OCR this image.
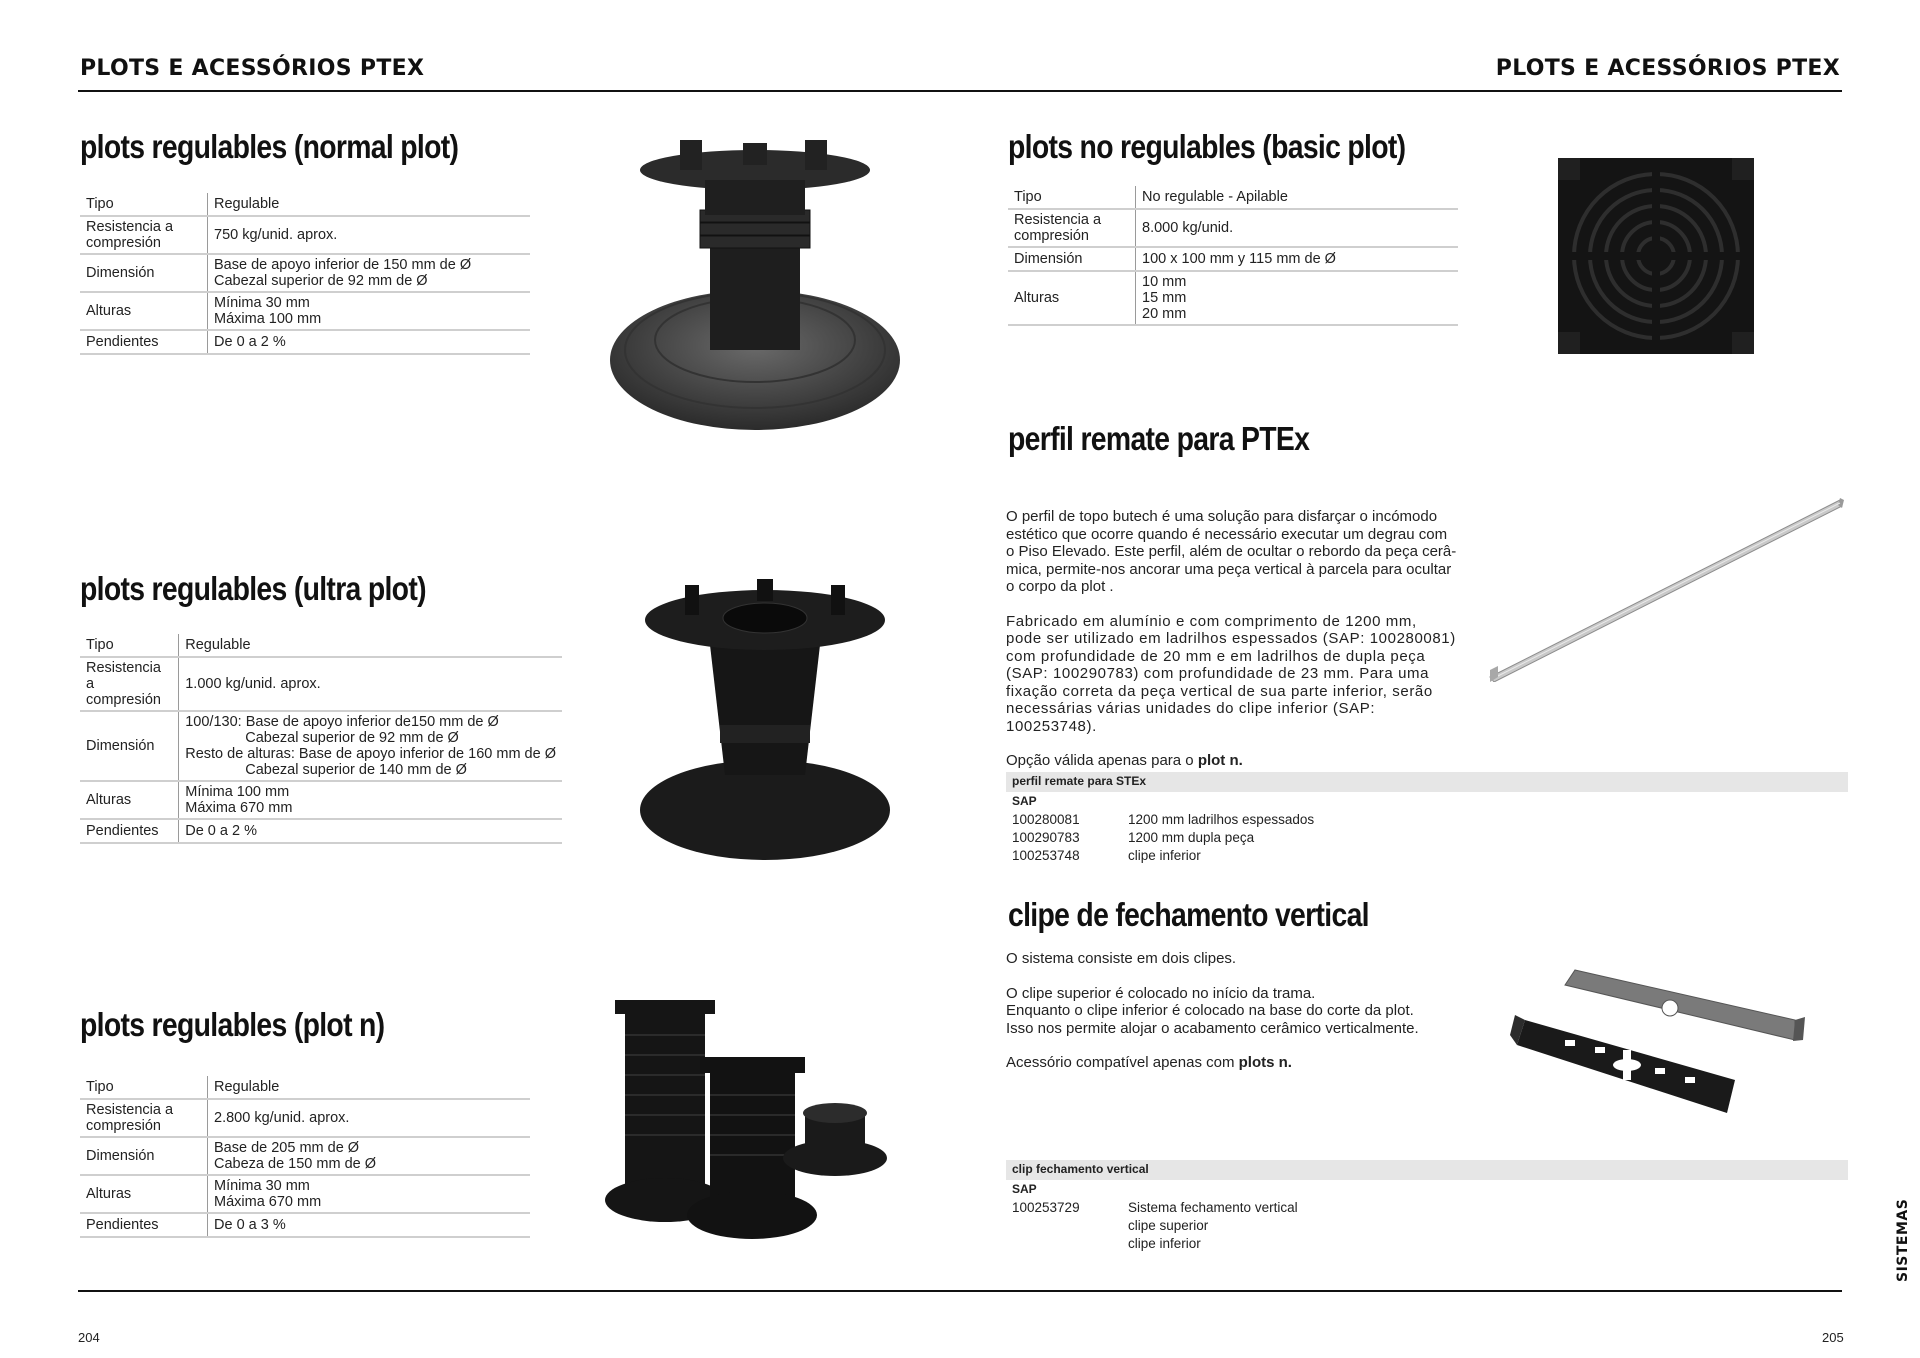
PLOTS E ACESSÓRIOS PTEX	PLOTS E ACESSÓRIOS PTEX
plots regulables (normal plot)
Tipo	Regulable

Resistencia a
compresión	750 kg/unid. aprox.

Dimensión	Base de apoyo inferior de 150 mm de Ø
Cabezal superior de 92 mm de Ø

Alturas	Mínima 30 mm
Máxima 100 mm

Pendientes	De 0 a 2 %
plots regulables (ultra plot)
Tipo	Regulable

Resistencia a
compresión	1.000 kg/unid. aprox.

Dimensión	100/130: Base de apoyo inferior de150 mm de Ø
Cabezal superior de 92 mm de Ø
Resto de alturas: Base de apoyo inferior de 160 mm de Ø
Cabezal superior de 140 mm de Ø

Alturas	Mínima 100 mm
Máxima 670 mm

Pendientes	De 0 a 2 %
plots regulables (plot n)
Tipo	Regulable

Resistencia a
compresión	2.800 kg/unid. aprox.

Dimensión	Base de 205 mm de Ø
Cabeza de 150 mm de Ø

Alturas	Mínima 30 mm
Máxima 670 mm

Pendientes	De 0 a 3 %
plots no regulables (basic plot)
Tipo	No regulable - Apilable

Resistencia a
compresión	8.000 kg/unid.

Dimensión	100 x 100 mm y 115 mm de Ø

Alturas	10 mm
15 mm
20 mm
perfil remate para PTEx

O perfil de topo butech é uma solução para disfarçar o incómodo
estético que ocorre quando é necessário executar um degrau com
o Piso Elevado. Este perfil, além de ocultar o rebordo da peça cerâ-
mica, permite-nos ancorar uma peça vertical à parcela para ocultar
o corpo da plot .

Fabricado em alumínio e com comprimento de 1200 mm,
pode ser utilizado em ladrilhos espessados (SAP: 100280081)
com profundidade de 20 mm e em ladrilhos de dupla peça
(SAP: 100290783) com profundidade de 23 mm. Para uma
fixação correta da peça vertical de sua parte inferior, serão
necessárias várias unidades do clipe inferior (SAP: 100253748).

Opção válida apenas para o plot n.

perfil remate para STEx
SAP
100280081	1200 mm ladrilhos espessados
100290783	1200 mm dupla peça
100253748	clipe inferior
clipe de fechamento vertical

O sistema consiste em dois clipes.

O clipe superior é colocado no início da trama.
Enquanto o clipe inferior é colocado na base do corte da plot.
Isso nos permite alojar o acabamento cerâmico verticalmente.

Acessório compatível apenas com plots n.

clip fechamento vertical
SAP
100253729	Sistema fechamento vertical
clipe superior
clipe inferior
204	205
SISTEMAS
